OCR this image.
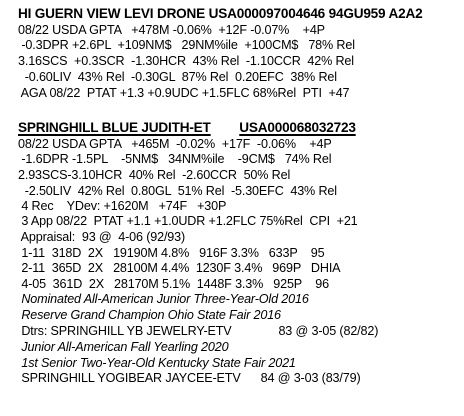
HI GUERN VIEW LEVI DRONE USA000097004646 94GU959 A2A2
08/22 USDA GPTA   +478M -0.06%  +12F -0.07%    +4P
-0.3DPR +2.6PL  +109NM$   29NM%ile  +100CM$   78% Rel
3.16SCS  +0.3SCR  -1.30HCR  43% Rel  -1.10CCR  42% Rel
-0.60LIV  43% Rel  -0.30GL  87% Rel  0.20EFC  38% Rel
AGA 08/22  PTAT +1.3 +0.9UDC +1.5FLC 68%Rel  PTI  +47
SPRINGHILL BLUE JUDITH-ET USA000068032723
08/22 USDA GPTA   +465M  -0.02%  +17F  -0.06%    +4P
-1.6DPR -1.5PL    -5NM$   34NM%ile    -9CM$   74% Rel
2.93SCS-3.10HCR  40% Rel  -2.60CCR  50% Rel
-2.50LIV  42% Rel  0.80GL  51% Rel  -5.30EFC  43% Rel
4 Rec    YDev: +1620M   +74F   +30P
3 App 08/22  PTAT +1.1 +1.0UDR +1.2FLC 75%Rel  CPI  +21
Appraisal:  93 @  4-06 (92/93)
1-11  318D  2X   19190M 4.8%   916F 3.3%   633P    95
2-11  365D  2X   28100M 4.4%  1230F 3.4%   969P   DHIA
4-05  361D  2X   28170M 5.1%  1448F 3.3%   925P    96
Nominated All-American Junior Three-Year-Old 2016
Reserve Grand Champion Ohio State Fair 2016
Dtrs: SPRINGHILL YB JEWELRY-ETV              83 @ 3-05 (82/82)
Junior All-American Fall Yearling 2020
1st Senior Two-Year-Old Kentucky State Fair 2021
SPRINGHILL YOGIBEAR JAYCEE-ETV      84 @ 3-03 (83/79)
